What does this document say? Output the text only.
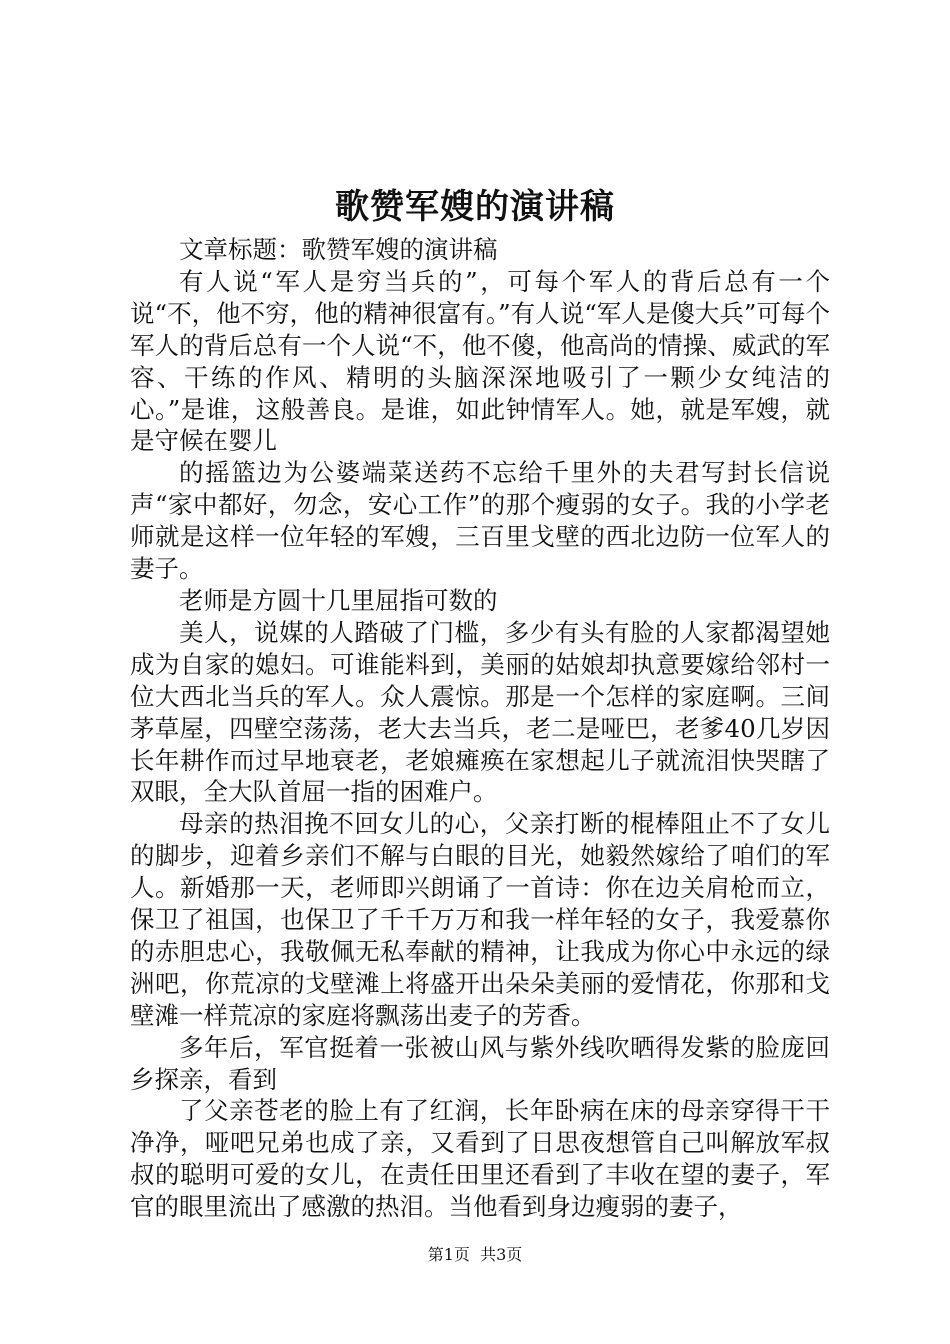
歌赞军嫂的演讲稿

文章标题：歌赞军嫂的演讲稿

有人说“军人是穷当兵的”，可每个军人的背后总有一个说“不，他不穷，他的精神很富有。”有人说“军人是傻大兵”可每个军人的背后总有一个人说“不，他不傻，他高尚的情操、威武的军容、干练的作风、精明的头脑深深地吸引了一颗少女纯洁的心。”是谁，这般善良。是谁，如此钟情军人。她，就是军嫂，就是守候在婴儿

的摇篮边为公婆端菜送药不忘给千里外的夫君写封长信说声“家中都好，勿念，安心工作”的那个瘦弱的女子。我的小学老师就是这样一位年轻的军嫂，三百里戈壁的西北边防一位军人的妻子。

老师是方圆十几里屈指可数的

美人，说媒的人踏破了门槛，多少有头有脸的人家都渴望她成为自家的媳妇。可谁能料到，美丽的姑娘却执意要嫁给邻村一位大西北当兵的军人。众人震惊。那是一个怎样的家庭啊。三间茅草屋，四壁空荡荡，老大去当兵，老二是哑巴，老爹40几岁因长年耕作而过早地衰老，老娘瘫痪在家想起儿子就流泪快哭瞎了双眼，全大队首屈一指的困难户。

母亲的热泪挽不回女儿的心，父亲打断的棍棒阻止不了女儿的脚步，迎着乡亲们不解与白眼的目光，她毅然嫁给了咱们的军人。新婚那一天，老师即兴朗诵了一首诗：你在边关肩枪而立，保卫了祖国，也保卫了千千万万和我一样年轻的女子，我爱慕你的赤胆忠心，我敬佩无私奉献的精神，让我成为你心中永远的绿洲吧，你荒凉的戈壁滩上将盛开出朵朵美丽的爱情花，你那和戈壁滩一样荒凉的家庭将飘荡出麦子的芳香。

多年后，军官挺着一张被山风与紫外线吹晒得发紫的脸庞回乡探亲，看到

了父亲苍老的脸上有了红润，长年卧病在床的母亲穿得干干净净，哑吧兄弟也成了亲，又看到了日思夜想管自己叫解放军叔叔的聪明可爱的女儿，在责任田里还看到了丰收在望的妻子，军官的眼里流出了感激的热泪。当他看到身边瘦弱的妻子，

第1页 共3页
